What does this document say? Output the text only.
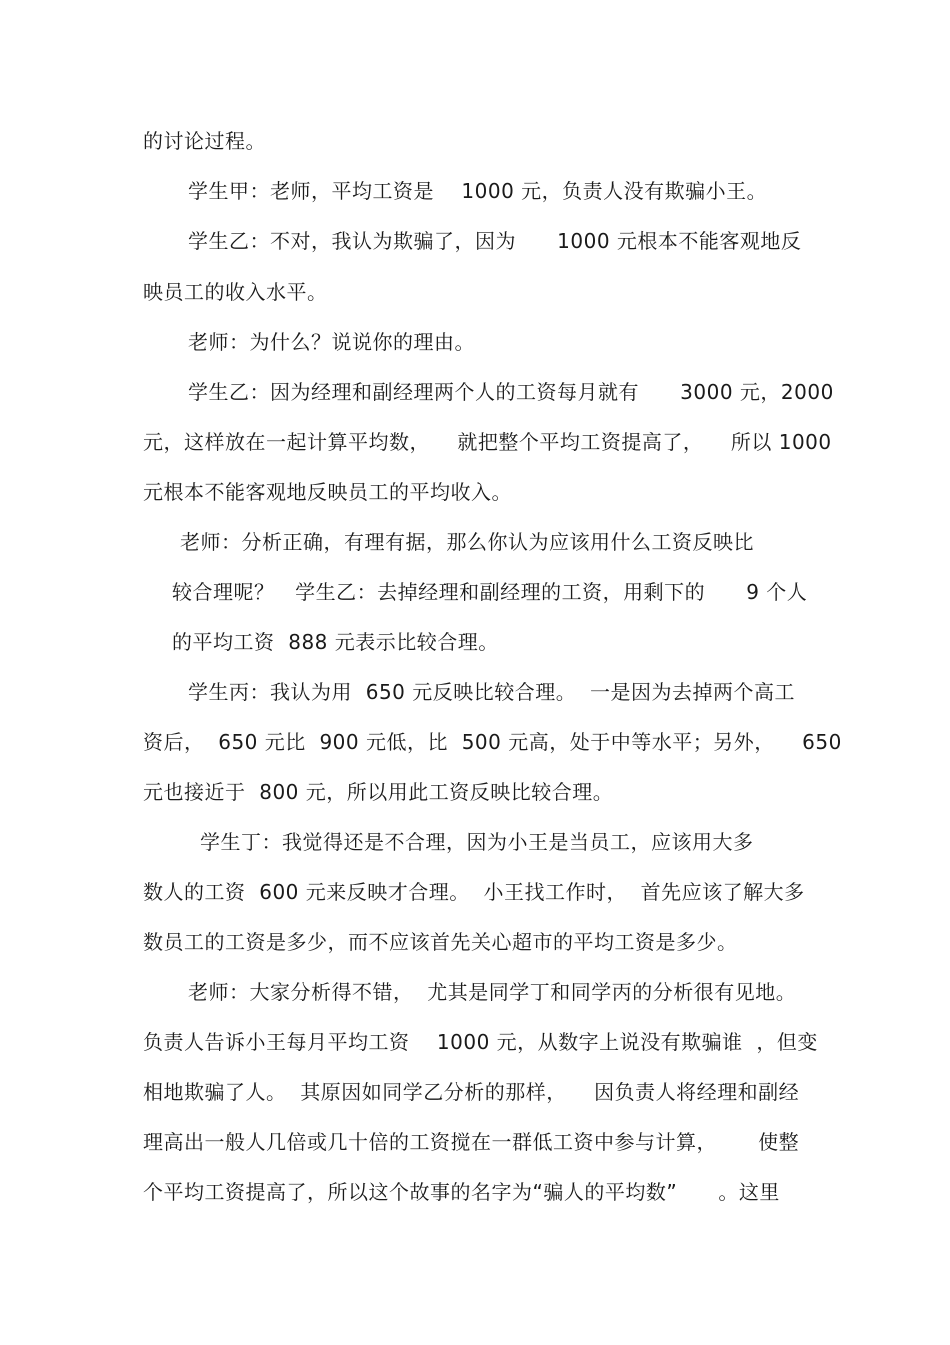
的讨论过程。
学生甲：老师，平均工资是    1000 元，负责人没有欺骗小王。
学生乙：不对，我认为欺骗了，因为      1000 元根本不能客观地反
映员工的收入水平。
老师：为什么？说说你的理由。
学生乙：因为经理和副经理两个人的工资每月就有      3000 元，2000
元，这样放在一起计算平均数，    就把整个平均工资提高了，    所以 1000
元根本不能客观地反映员工的平均收入。
老师：分析正确，有理有据，那么你认为应该用什么工资反映比
较合理呢？   学生乙：去掉经理和副经理的工资，用剩下的      9 个人
的平均工资  888 元表示比较合理。
学生丙：我认为用  650 元反映比较合理。  一是因为去掉两个高工
资后，  650 元比  900 元低，比  500 元高，处于中等水平；另外，    650
元也接近于  800 元，所以用此工资反映比较合理。
学生丁：我觉得还是不合理，因为小王是当员工，应该用大多
数人的工资  600 元来反映才合理。  小王找工作时，  首先应该了解大多
数员工的工资是多少，而不应该首先关心超市的平均工资是多少。
老师：大家分析得不错，  尤其是同学丁和同学丙的分析很有见地。
负责人告诉小王每月平均工资    1000 元，从数字上说没有欺骗谁  ，但变
相地欺骗了人。  其原因如同学乙分析的那样，    因负责人将经理和副经
理高出一般人几倍或几十倍的工资搅在一群低工资中参与计算，      使整
个平均工资提高了，所以这个故事的名字为“骗人的平均数”      。这里
